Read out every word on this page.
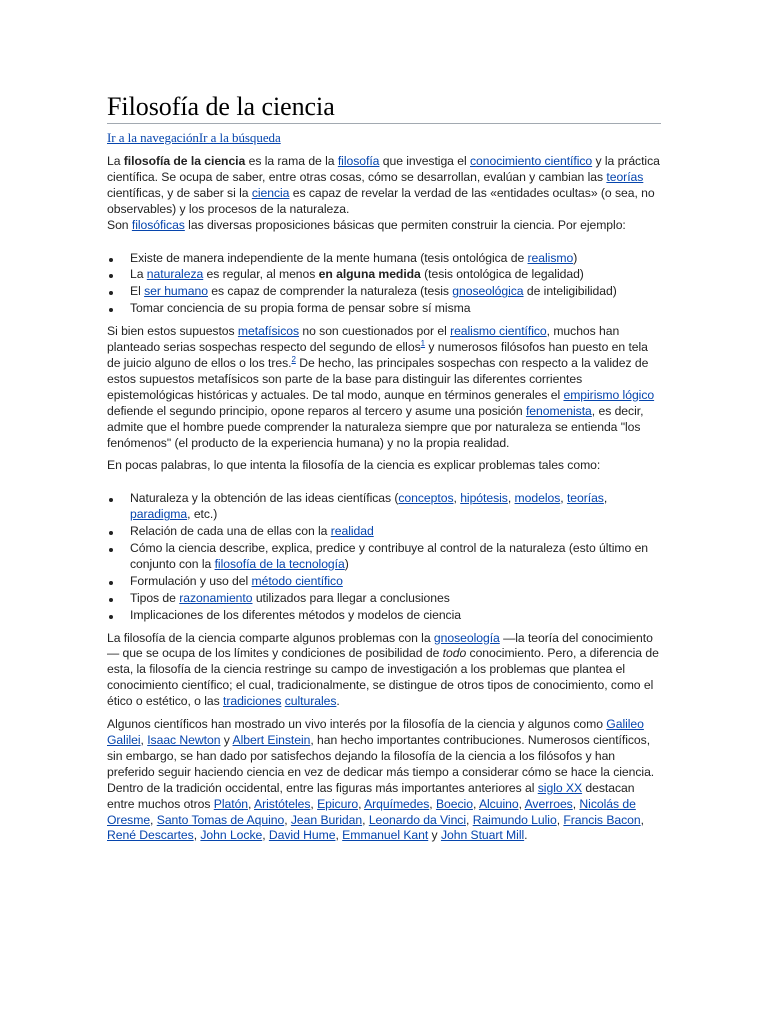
Filosofía de la ciencia
Ir a la navegaciónIr a la búsqueda

La filosofía de la ciencia es la rama de la filosofía que investiga el conocimiento científico y la práctica científica. Se ocupa de saber, entre otras cosas, cómo se desarrollan, evalúan y cambian las teorías científicas, y de saber si la ciencia es capaz de revelar la verdad de las «entidades ocultas» (o sea, no observables) y los procesos de la naturaleza.
Son filosóficas las diversas proposiciones básicas que permiten construir la ciencia. Por ejemplo:

Existe de manera independiente de la mente humana (tesis ontológica de realismo)
La naturaleza es regular, al menos en alguna medida (tesis ontológica de legalidad)
El ser humano es capaz de comprender la naturaleza (tesis gnoseológica de inteligibilidad)
Tomar conciencia de su propia forma de pensar sobre sí misma

Si bien estos supuestos metafísicos no son cuestionados por el realismo científico, muchos han planteado serias sospechas respecto del segundo de ellos$^1$ y numerosos filósofos han puesto en tela de juicio alguno de ellos o los tres.$^2$ De hecho, las principales sospechas con respecto a la validez de estos supuestos metafísicos son parte de la base para distinguir las diferentes corrientes epistemológicas históricas y actuales. De tal modo, aunque en términos generales el empirismo lógico defiende el segundo principio, opone reparos al tercero y asume una posición fenomenista, es decir, admite que el hombre puede comprender la naturaleza siempre que por naturaleza se entienda "los fenómenos" (el producto de la experiencia humana) y no la propia realidad.

En pocas palabras, lo que intenta la filosofía de la ciencia es explicar problemas tales como:

Naturaleza y la obtención de las ideas científicas (conceptos, hipótesis, modelos, teorías, paradigma, etc.)
Relación de cada una de ellas con la realidad
Cómo la ciencia describe, explica, predice y contribuye al control de la naturaleza (esto último en conjunto con la filosofía de la tecnología)
Formulación y uso del método científico
Tipos de razonamiento utilizados para llegar a conclusiones
Implicaciones de los diferentes métodos y modelos de ciencia

La filosofía de la ciencia comparte algunos problemas con la gnoseología —la teoría del conocimiento— que se ocupa de los límites y condiciones de posibilidad de todo conocimiento. Pero, a diferencia de esta, la filosofía de la ciencia restringe su campo de investigación a los problemas que plantea el conocimiento científico; el cual, tradicionalmente, se distingue de otros tipos de conocimiento, como el ético o estético, o las tradiciones culturales.

Algunos científicos han mostrado un vivo interés por la filosofía de la ciencia y algunos como Galileo Galilei, Isaac Newton y Albert Einstein, han hecho importantes contribuciones. Numerosos científicos, sin embargo, se han dado por satisfechos dejando la filosofía de la ciencia a los filósofos y han preferido seguir haciendo ciencia en vez de dedicar más tiempo a considerar cómo se hace la ciencia. Dentro de la tradición occidental, entre las figuras más importantes anteriores al siglo XX destacan entre muchos otros Platón, Aristóteles, Epicuro, Arquímedes, Boecio, Alcuino, Averroes, Nicolás de Oresme, Santo Tomas de Aquino, Jean Buridan, Leonardo da Vinci, Raimundo Lulio, Francis Bacon, René Descartes, John Locke, David Hume, Emmanuel Kant y John Stuart Mill.
